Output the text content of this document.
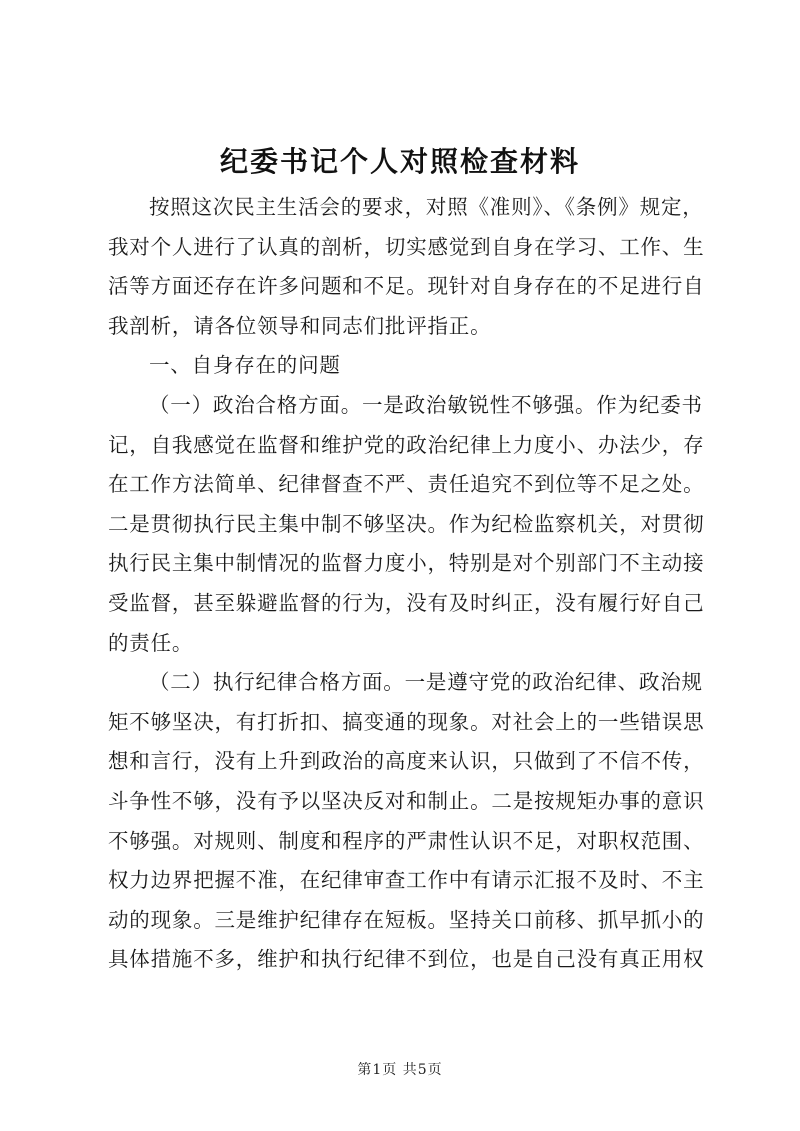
纪委书记个人对照检查材料

按照这次民主生活会的要求，对照《准则》、《条例》规定，
我对个人进行了认真的剖析，切实感觉到自身在学习、工作、生
活等方面还存在许多问题和不足。现针对自身存在的不足进行自
我剖析，请各位领导和同志们批评指正。

一、自身存在的问题

（一）政治合格方面。一是政治敏锐性不够强。作为纪委书
记，自我感觉在监督和维护党的政治纪律上力度小、办法少，存
在工作方法简单、纪律督查不严、责任追究不到位等不足之处。
二是贯彻执行民主集中制不够坚决。作为纪检监察机关，对贯彻
执行民主集中制情况的监督力度小，特别是对个别部门不主动接
受监督，甚至躲避监督的行为，没有及时纠正，没有履行好自己
的责任。

（二）执行纪律合格方面。一是遵守党的政治纪律、政治规
矩不够坚决，有打折扣、搞变通的现象。对社会上的一些错误思
想和言行，没有上升到政治的高度来认识，只做到了不信不传，
斗争性不够，没有予以坚决反对和制止。二是按规矩办事的意识
不够强。对规则、制度和程序的严肃性认识不足，对职权范围、
权力边界把握不准，在纪律审查工作中有请示汇报不及时、不主
动的现象。三是维护纪律存在短板。坚持关口前移、抓早抓小的
具体措施不多，维护和执行纪律不到位，也是自己没有真正用权

第1页 共5页
